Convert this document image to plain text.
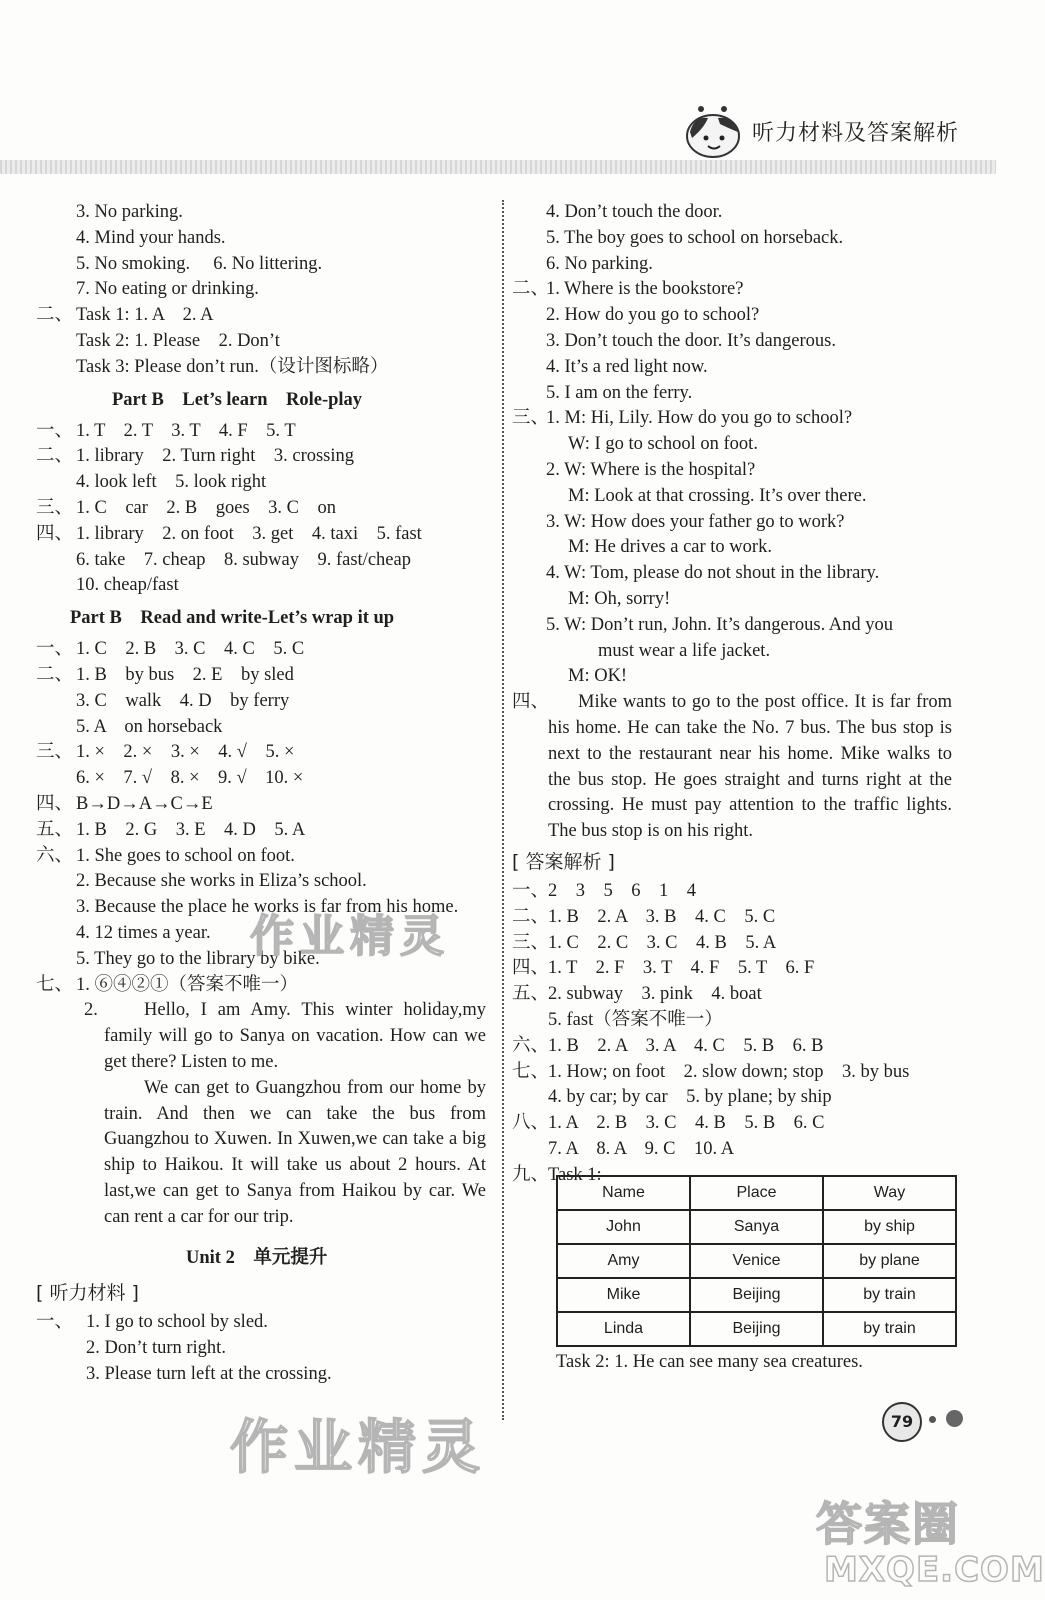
听力材料及答案解析
3. No parking.
4. Mind your hands.
5. No smoking.     6. No littering.
7. No eating or drinking.
二、 Task 1: 1. A    2. A
Task 2: 1. Please    2. Don’t
Task 3: Please don’t run.（设计图标略）
Part B    Let’s learn    Role-play
一、 1. T    2. T    3. T    4. F    5. T
二、 1. library    2. Turn right    3. crossing
4. look left    5. look right
三、 1. C    car    2. B    goes    3. C    on
四、 1. library    2. on foot    3. get    4. taxi    5. fast
6. take    7. cheap    8. subway    9. fast/cheap
10. cheap/fast
Part B    Read and write-Let’s wrap it up
一、 1. C    2. B    3. C    4. C    5. C
二、 1. B    by bus    2. E    by sled
3. C    walk    4. D    by ferry
5. A    on horseback
三、 1. ×    2. ×    3. ×    4. √    5. ×
6. ×    7. √    8. ×    9. √    10. ×
四、 B→D→A→C→E
五、 1. B    2. G    3. E    4. D    5. A
六、 1. She goes to school on foot.
2. Because she works in Eliza’s school.
3. Because the place he works is far from his home.
4. 12 times a year.
5. They go to the library by bike.
七、 1. ⑥④②①（答案不唯一）

2.

	Hello, I am Amy. This winter holiday,my family will go to Sanya on vacation. How can we get there? Listen to me.
We can get to Guangzhou from our home by train. And then we can take the bus from Guangzhou to Xuwen. In Xuwen,we can take a big ship to Haikou. It will take us about 2 hours. At last,we can get to Sanya from Haikou by car. We can rent a car for our trip.

Unit 2    单元提升

[ 听力材料 ]

一、 1. I go to school by sled.
2. Don’t turn right.
3. Please turn left at the crossing.
4. Don’t touch the door.
5. The boy goes to school on horseback.
6. No parking.
二、
1. Where is the bookstore?
2. How do you go to school?
3. Don’t touch the door. It’s dangerous.
4. It’s a red light now.
5. I am on the ferry.
三、
1. M: Hi, Lily. How do you go to school?
W: I go to school on foot.
2. W: Where is the hospital?
M: Look at that crossing. It’s over there.
3. W: How does your father go to work?
M: He drives a car to work.
4. W: Tom, please do not shout in the library.
M: Oh, sorry!
5. W: Don’t run, John. It’s dangerous. And you
must wear a life jacket.
M: OK!
四、	Mike wants to go to the post office. It is far from his home. He can take the No. 7 bus. The bus stop is next to the restaurant near his home. Mike walks to the bus stop. He goes straight and turns right at the crossing. He must pay attention to the traffic lights. The bus stop is on his right.

[ 答案解析 ]

一、
2    3    5    6    1    4
二、
1. B    2. A    3. B    4. C    5. C
三、
1. C    2. C    3. C    4. B    5. A
四、
1. T    2. F    3. T    4. F    5. T    6. F
五、
2. subway    3. pink    4. boat
5. fast（答案不唯一）
六、
1. B    2. A    3. A    4. C    5. B    6. B
七、
1. How; on foot    2. slow down; stop    3. by bus
4. by car; by car    5. by plane; by ship
八、
1. A    2. B    3. C    4. B    5. B    6. C
7. A    8. A    9. C    10. A
九、
Task 1:
Name	Place	Way
John	Sanya	by ship
Amy	Venice	by plane
Mike	Beijing	by train
Linda	Beijing	by train
Task 2: 1. He can see many sea creatures.
79
作业精灵
作业精灵
答案圈
MXQE.COM
